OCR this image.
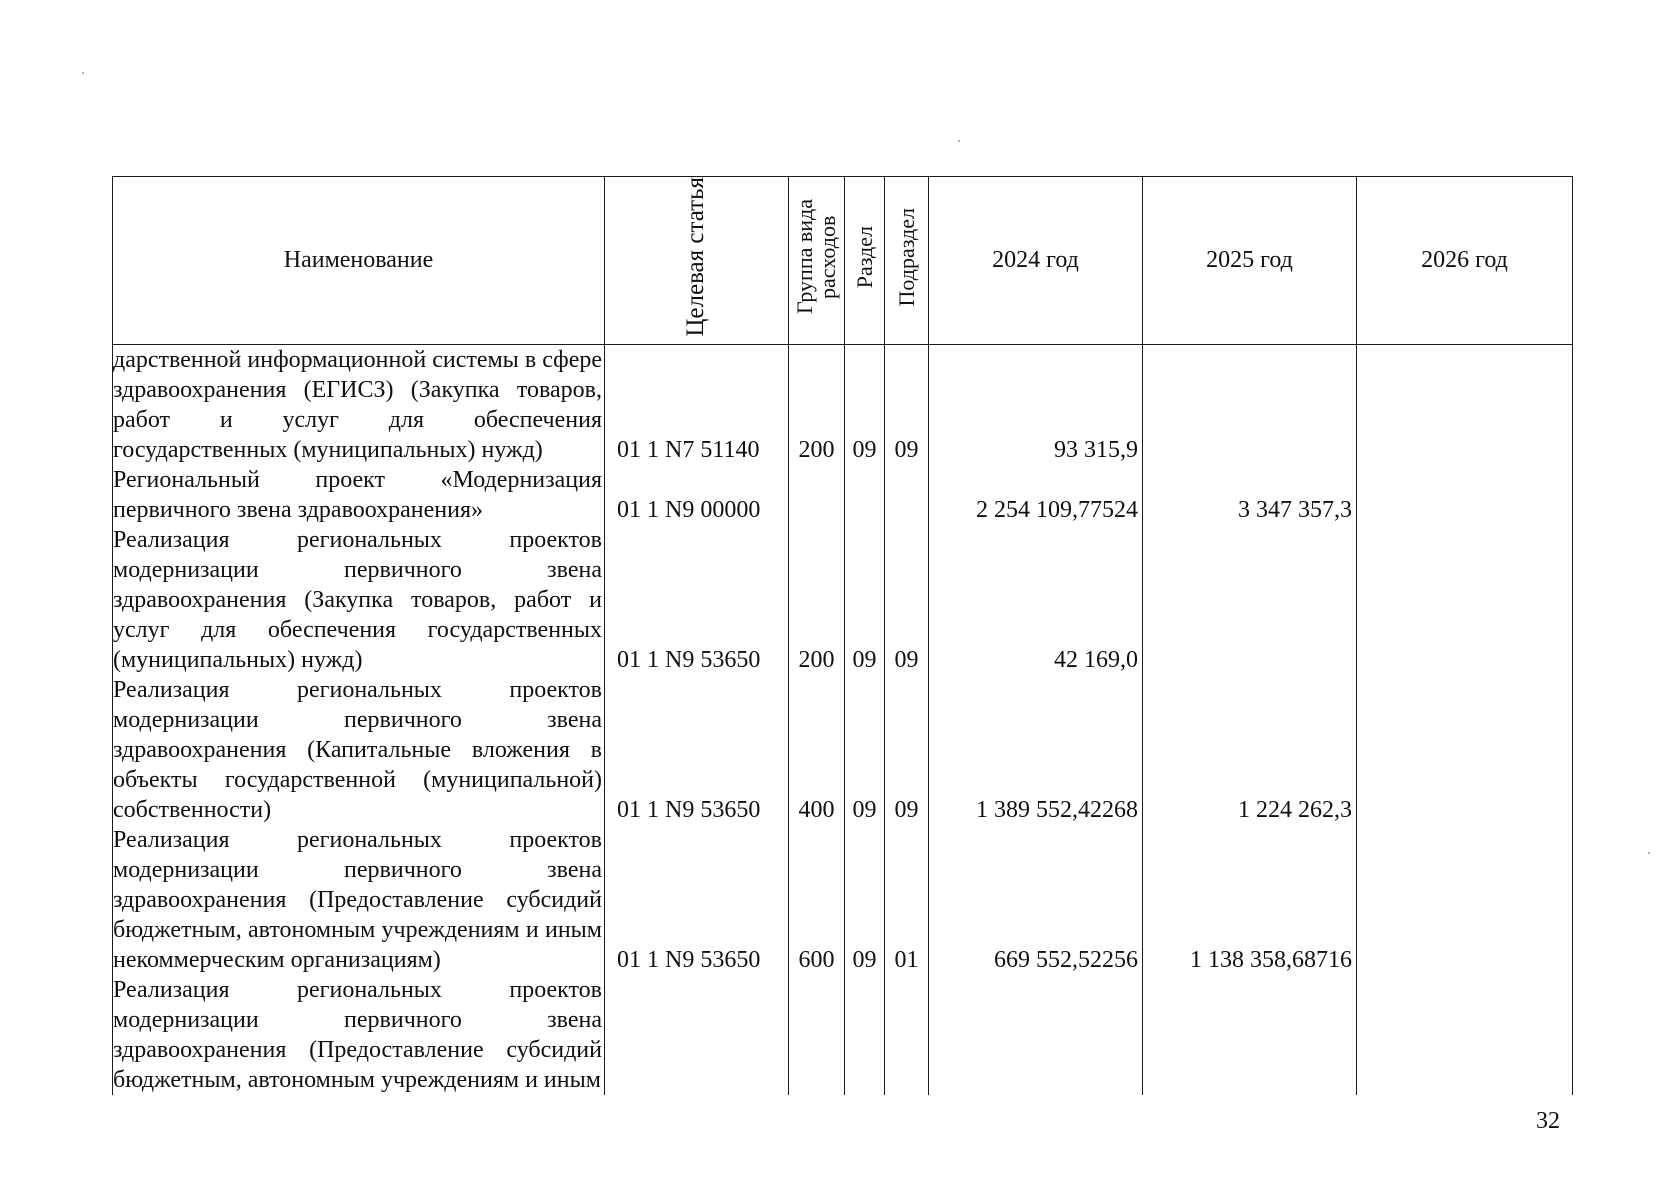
Наименование	Целевая статья	Группа вида расходов	Раздел	Подраздел	2024 год	2025 год	2026 год
дарственной информационной системы в сфере здравоохранения (ЕГИСЗ) (Закупка товаров, работ и услуг для обеспечения государственных (муниципальных) нужд)	01 1 N7 51140	200	09	09	93 315,9		
Региональный проект «Модернизация первичного звена здравоохранения»	01 1 N9 00000				2 254 109,77524	3 347 357,3	
Реализация региональных проектов модернизации первичного звена здравоохранения (Закупка товаров, работ и услуг для обеспечения государственных (муниципальных) нужд)	01 1 N9 53650	200	09	09	42 169,0		
Реализация региональных проектов модернизации первичного звена здравоохранения (Капитальные вложения в объекты государственной (муниципальной) собственности)	01 1 N9 53650	400	09	09	1 389 552,42268	1 224 262,3	
Реализация региональных проектов модернизации первичного звена здравоохранения (Предоставление субсидий бюджетным, автономным учреждениям и иным некоммерческим организациям)	01 1 N9 53650	600	09	01	669 552,52256	1 138 358,68716	
Реализация региональных проектов модернизации первичного звена здравоохранения (Предоставление субсидий бюджетным, автономным учреждениям и иным							
32
